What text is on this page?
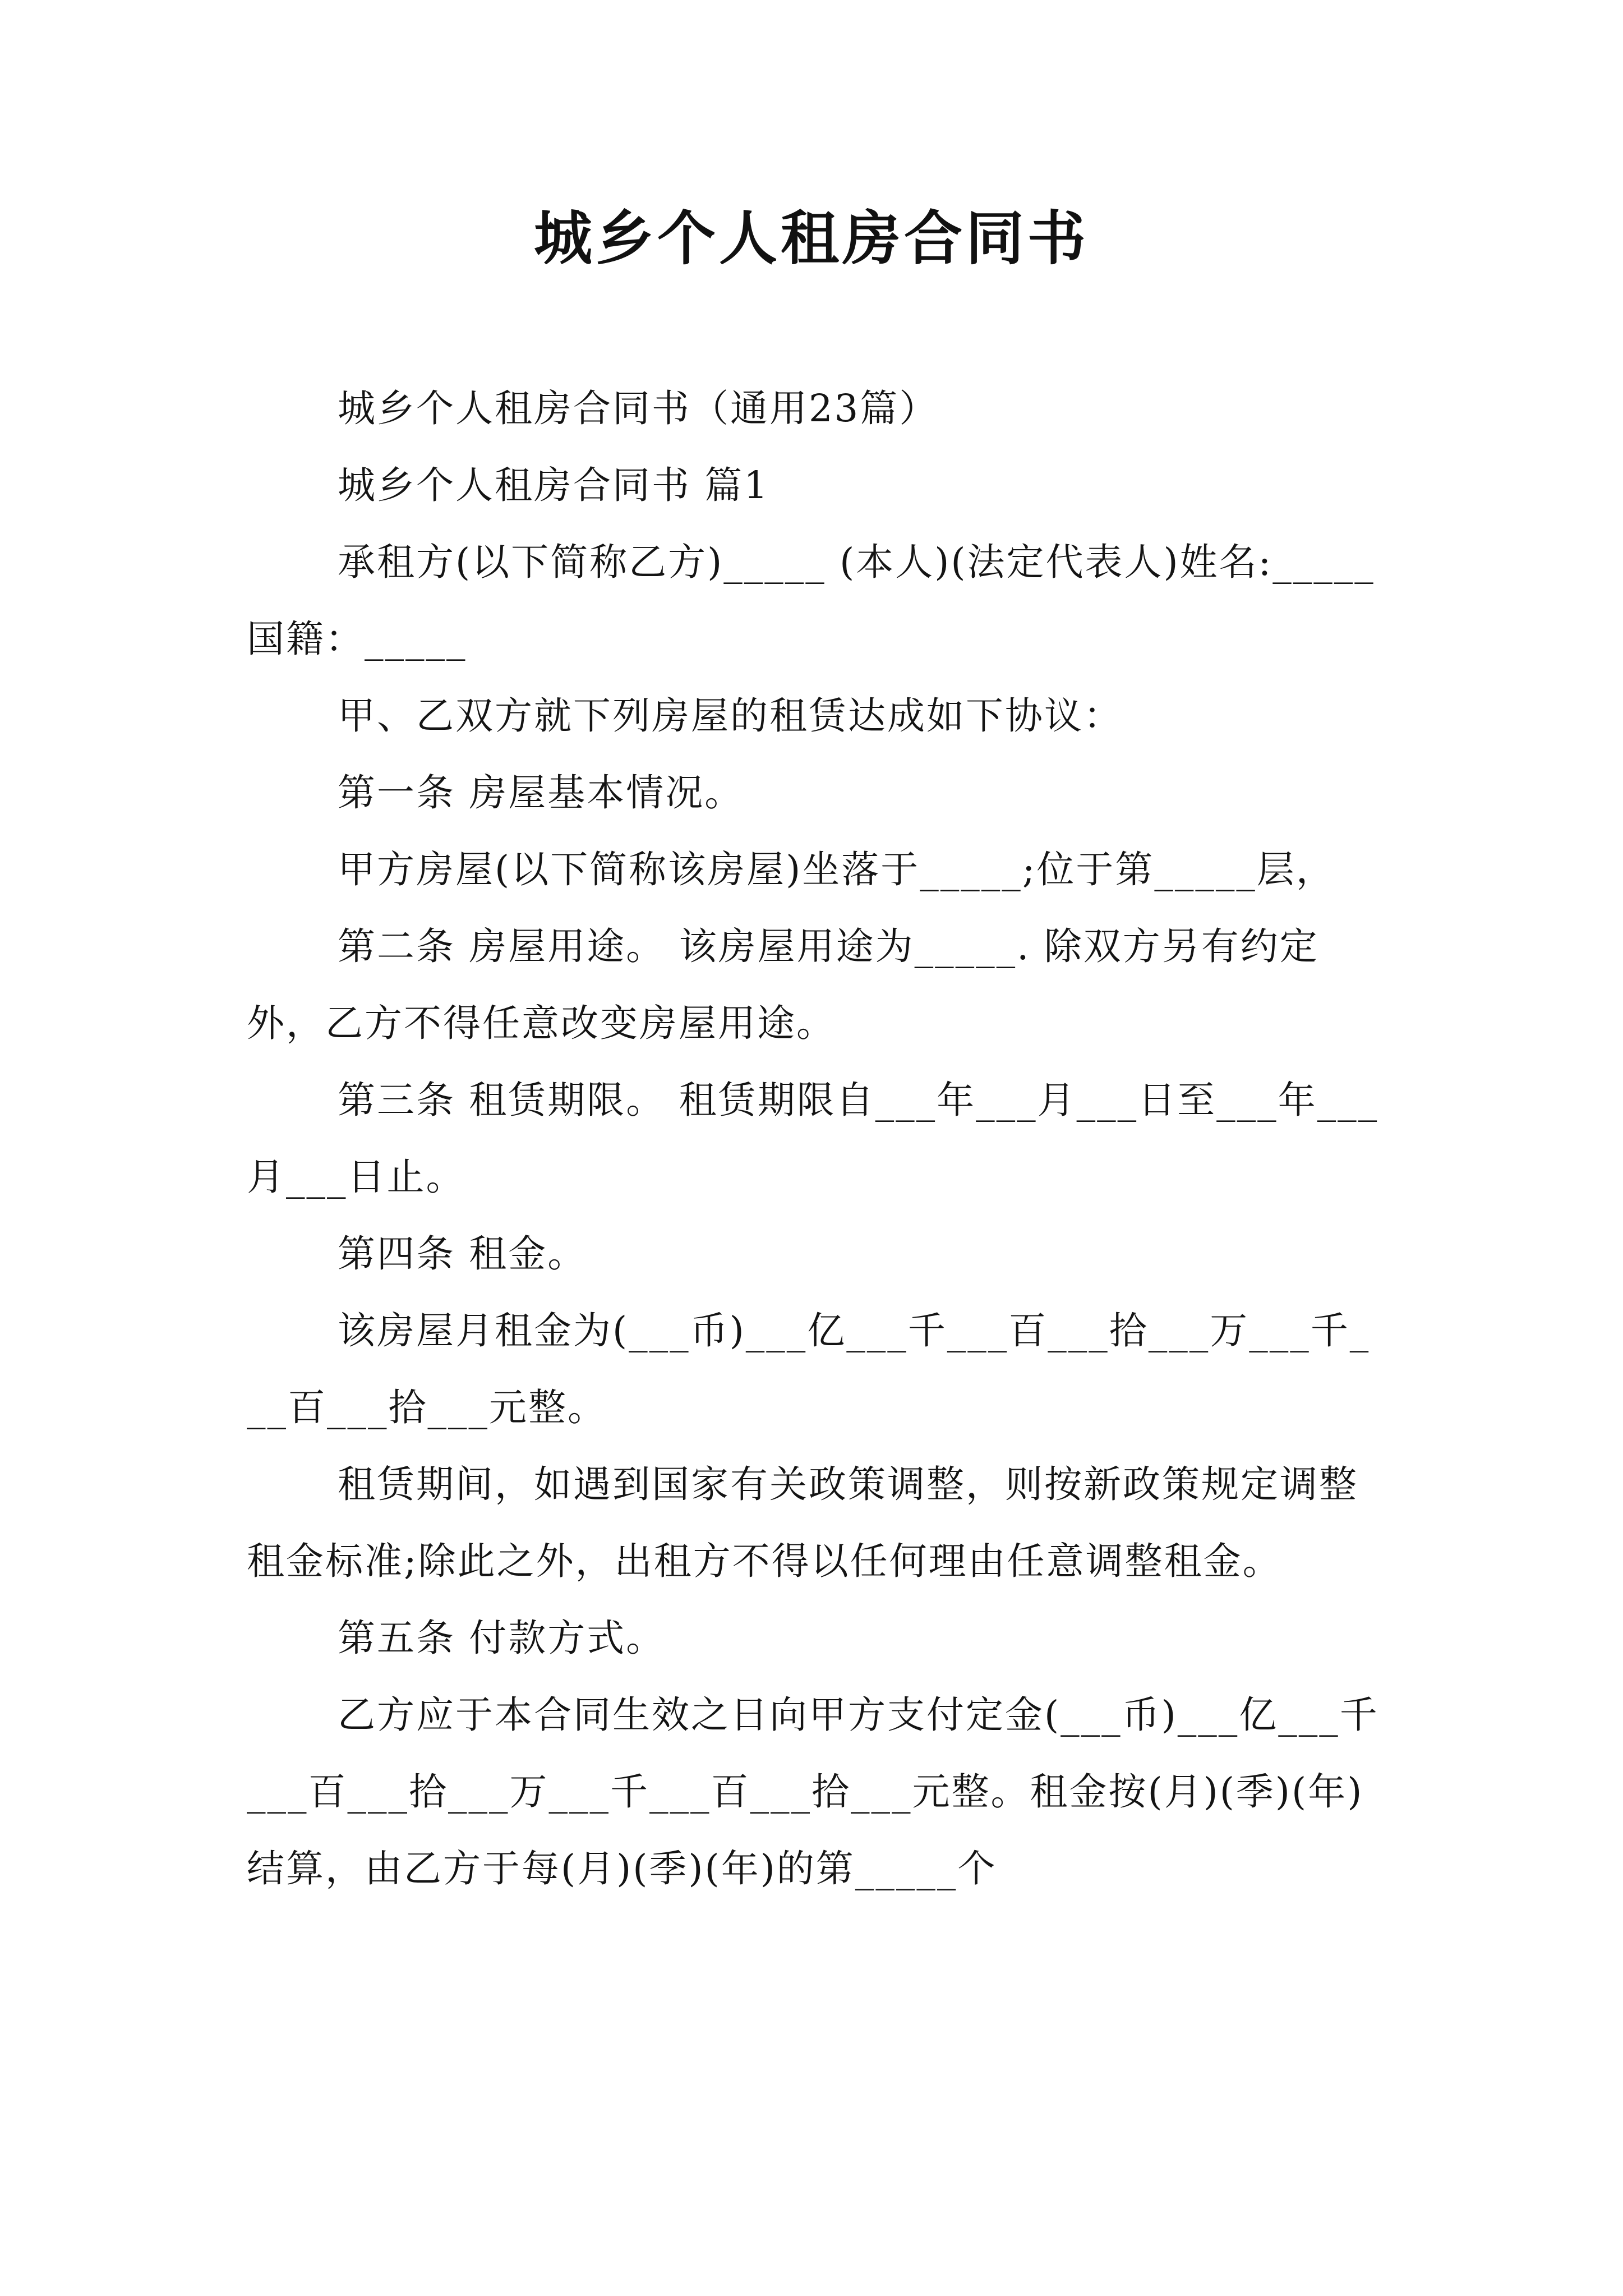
城乡个人租房合同书

城乡个人租房合同书（通用23篇）

城乡个人租房合同书 篇1

承租方(以下简称乙方)_____ (本人)(法定代表人)姓名:_____国籍：_____

甲、乙双方就下列房屋的租赁达成如下协议：

第一条 房屋基本情况。

甲方房屋(以下简称该房屋)坐落于_____;位于第_____层，

第二条 房屋用途。 该房屋用途为_____. 除双方另有约定外，乙方不得任意改变房屋用途。

第三条 租赁期限。 租赁期限自___年___月___日至___年___月___日止。

第四条 租金。

该房屋月租金为(___币)___亿___千___百___拾___万___千___百___拾___元整。

租赁期间，如遇到国家有关政策调整，则按新政策规定调整租金标准;除此之外，出租方不得以任何理由任意调整租金。

第五条 付款方式。

乙方应于本合同生效之日向甲方支付定金(___币)___亿___千___百___拾___万___千___百___拾___元整。租金按(月)(季)(年)结算，由乙方于每(月)(季)(年)的第_____个
